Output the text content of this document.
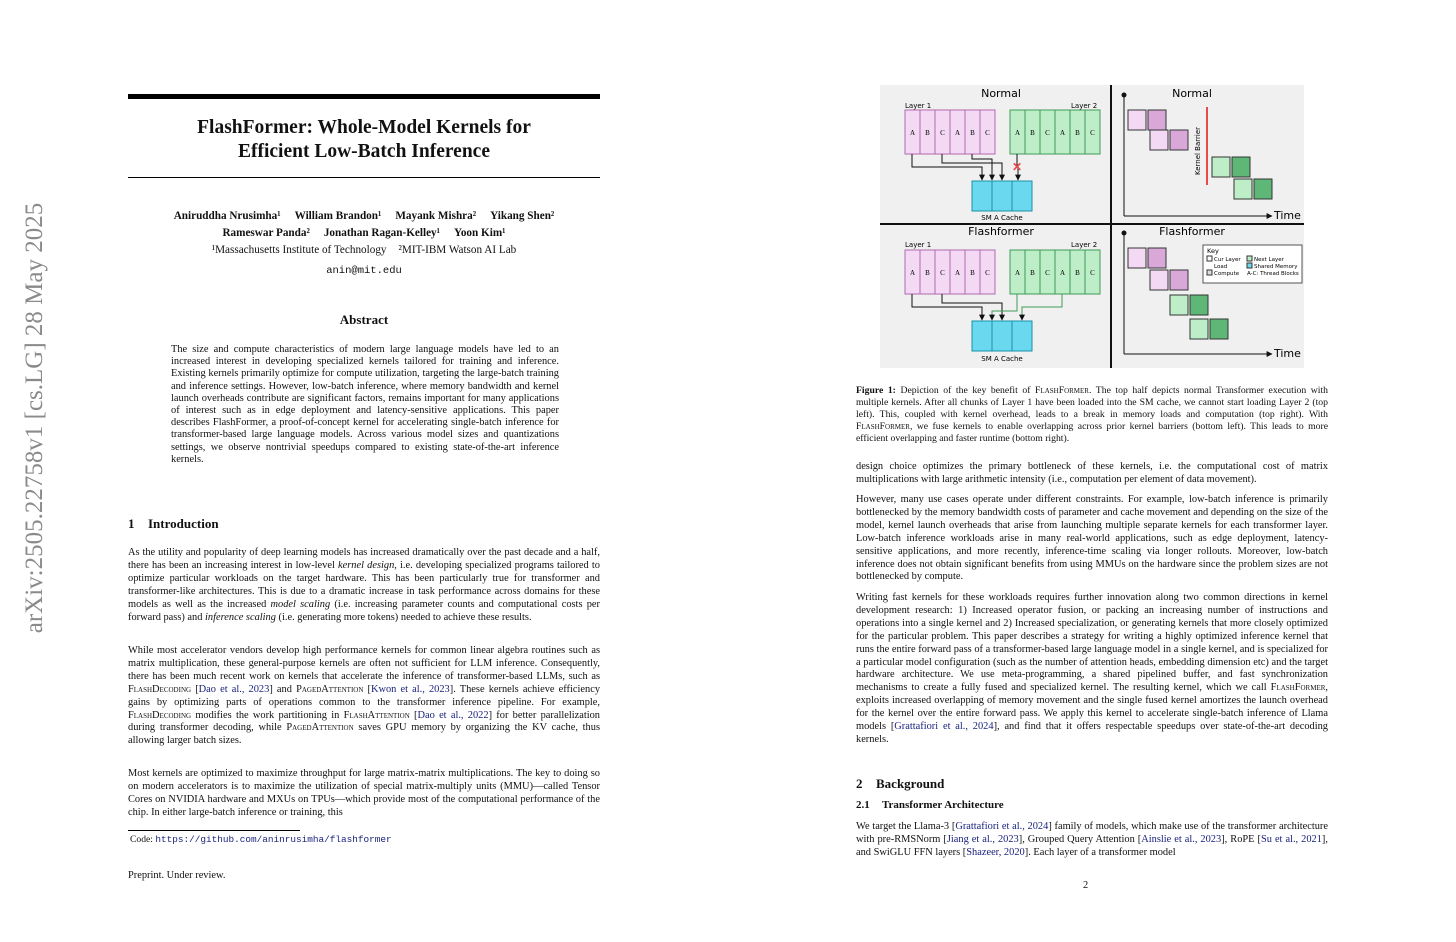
arXiv:2505.22758v1 [cs.LG] 28 May 2025
FlashFormer: Whole-Model Kernels for
Efficient Low-Batch Inference
Aniruddha Nrusimha¹ William Brandon¹ Mayank Mishra² Yikang Shen²
Rameswar Panda² Jonathan Ragan-Kelley¹ Yoon Kim¹
¹Massachusetts Institute of Technology ²MIT-IBM Watson AI Lab
anin@mit.edu
Abstract

The size and compute characteristics of modern large language models have led to an increased interest in developing specialized kernels tailored for training and inference. Existing kernels primarily optimize for compute utilization, targeting the large-batch training and inference settings. However, low-batch inference, where memory bandwidth and kernel launch overheads contribute are significant factors, remains important for many applications of interest such as in edge deployment and latency-sensitive applications. This paper describes FlashFormer, a proof-of-concept kernel for accelerating single-batch inference for transformer-based large language models. Across various model sizes and quantizations settings, we observe nontrivial speedups compared to existing state-of-the-art inference kernels.

1 Introduction

As the utility and popularity of deep learning models has increased dramatically over the past decade and a half, there has been an increasing interest in low-level kernel design, i.e. developing specialized programs tailored to optimize particular workloads on the target hardware. This has been particularly true for transformer and transformer-like architectures. This is due to a dramatic increase in task performance across domains for these models as well as the increased model scaling (i.e. increasing parameter counts and computational costs per forward pass) and inference scaling (i.e. generating more tokens) needed to achieve these results.

While most accelerator vendors develop high performance kernels for common linear algebra routines such as matrix multiplication, these general-purpose kernels are often not sufficient for LLM inference. Consequently, there has been much recent work on kernels that accelerate the inference of transformer-based LLMs, such as FlashDecoding [Dao et al., 2023] and PagedAttention [Kwon et al., 2023]. These kernels achieve efficiency gains by optimizing parts of operations common to the transformer inference pipeline. For example, FlashDecoding modifies the work partitioning in FlashAttention [Dao et al., 2022] for better parallelization during transformer decoding, while PagedAttention saves GPU memory by organizing the KV cache, thus allowing larger batch sizes.

Most kernels are optimized to maximize throughput for large matrix-matrix multiplications. The key to doing so on modern accelerators is to maximize the utilization of special matrix-multiply units (MMU)—called Tensor Cores on NVIDIA hardware and MXUs on TPUs—which provide most of the computational performance of the chip. In either large-batch inference or training, this

Code: https://github.com/aninrusimha/flashformer
Preprint. Under review.
Normal	Normal
Flashformer	Flashformer
Layer 1
A B C A B C
Layer 2
A B C A B C
SM A Cache
✕
Time
Kernel Barrier
Layer 1
A B C A B C
Layer 2
A B C A B C
SM A Cache	Time
Key
Cur Layer
Load
Compute
Next Layer
Shared Memory
A-C: Thread Blocks

Figure 1: Depiction of the key benefit of FlashFormer. The top half depicts normal Transformer execution with multiple kernels. After all chunks of Layer 1 have been loaded into the SM cache, we cannot start loading Layer 2 (top left). This, coupled with kernel overhead, leads to a break in memory loads and computation (top right). With FlashFormer, we fuse kernels to enable overlapping across prior kernel barriers (bottom left). This leads to more efficient overlapping and faster runtime (bottom right).

design choice optimizes the primary bottleneck of these kernels, i.e. the computational cost of matrix multiplications with large arithmetic intensity (i.e., computation per element of data movement).

However, many use cases operate under different constraints. For example, low-batch inference is primarily bottlenecked by the memory bandwidth costs of parameter and cache movement and depending on the size of the model, kernel launch overheads that arise from launching multiple separate kernels for each transformer layer. Low-batch inference workloads arise in many real-world applications, such as edge deployment, latency-sensitive applications, and more recently, inference-time scaling via longer rollouts. Moreover, low-batch inference does not obtain significant benefits from using MMUs on the hardware since the problem sizes are not bottlenecked by compute.

Writing fast kernels for these workloads requires further innovation along two common directions in kernel development research: 1) Increased operator fusion, or packing an increasing number of instructions and operations into a single kernel and 2) Increased specialization, or generating kernels that more closely optimized for the particular problem. This paper describes a strategy for writing a highly optimized inference kernel that runs the entire forward pass of a transformer-based large language model in a single kernel, and is specialized for a particular model configuration (such as the number of attention heads, embedding dimension etc) and the target hardware architecture. We use meta-programming, a shared pipelined buffer, and fast synchronization mechanisms to create a fully fused and specialized kernel. The resulting kernel, which we call FlashFormer, exploits increased overlapping of memory movement and the single fused kernel amortizes the launch overhead for the kernel over the entire forward pass. We apply this kernel to accelerate single-batch inference of Llama models [Grattafiori et al., 2024], and find that it offers respectable speedups over state-of-the-art decoding kernels.

2 Background
2.1 Transformer Architecture

We target the Llama-3 [Grattafiori et al., 2024] family of models, which make use of the transformer architecture with pre-RMSNorm [Jiang et al., 2023], Grouped Query Attention [Ainslie et al., 2023], RoPE [Su et al., 2021], and SwiGLU FFN layers [Shazeer, 2020]. Each layer of a transformer model

2
